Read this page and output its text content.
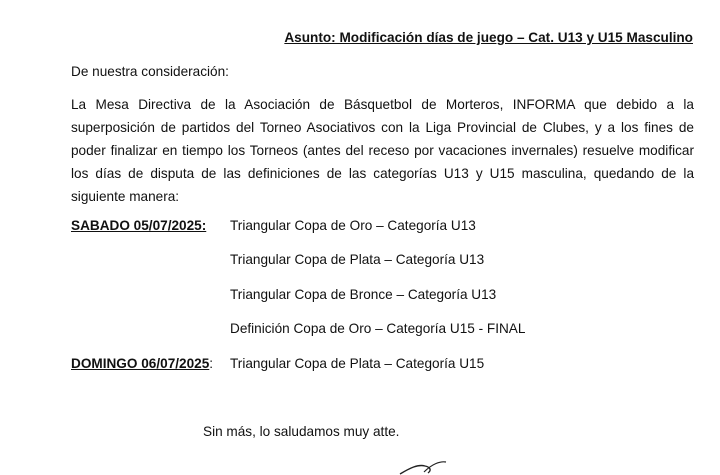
Asunto: Modificación días de juego – Cat. U13 y U15 Masculino
De nuestra consideración:

La Mesa Directiva de la Asociación de Básquetbol de Morteros, INFORMA que debido a la superposición de partidos del Torneo Asociativos con la Liga Provincial de Clubes, y a los fines de poder finalizar en tiempo los Torneos (antes del receso por vacaciones invernales) resuelve modificar los días de disputa de las definiciones de las categorías U13 y U15 masculina, quedando de la siguiente manera:

SABADO 05/07/2025: Triangular Copa de Oro – Categoría U13
Triangular Copa de Plata – Categoría U13
Triangular Copa de Bronce – Categoría U13
Definición Copa de Oro – Categoría U15 - FINAL
DOMINGO 06/07/2025: Triangular Copa de Plata – Categoría U15
Sin más, lo saludamos muy atte.
